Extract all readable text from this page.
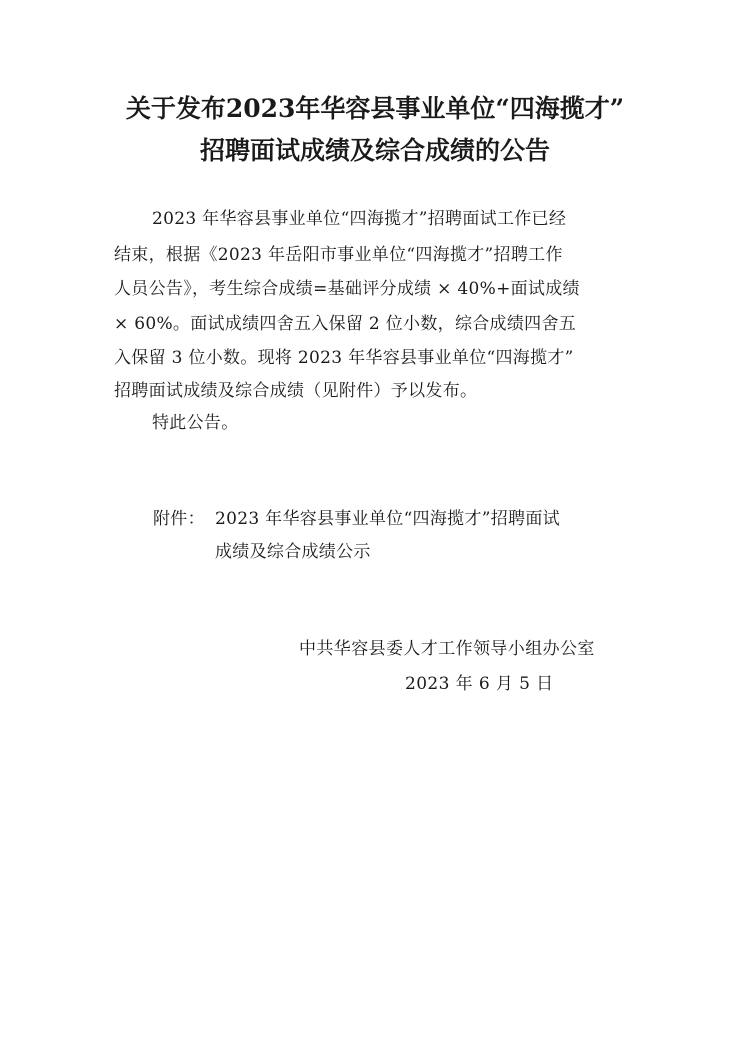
关于发布2023年华容县事业单位“四海揽才”
招聘面试成绩及综合成绩的公告
2023 年华容县事业单位“四海揽才”招聘面试工作已经
结束，根据《2023 年岳阳市事业单位“四海揽才”招聘工作
人员公告》，考生综合成绩=基础评分成绩 × 40%+面试成绩
× 60%。面试成绩四舍五入保留 2 位小数，综合成绩四舍五
入保留 3 位小数。现将 2023 年华容县事业单位“四海揽才”
招聘面试成绩及综合成绩（见附件）予以发布。
特此公告。
附件： 2023 年华容县事业单位“四海揽才”招聘面试
成绩及综合成绩公示
中共华容县委人才工作领导小组办公室
2023 年 6 月 5 日
